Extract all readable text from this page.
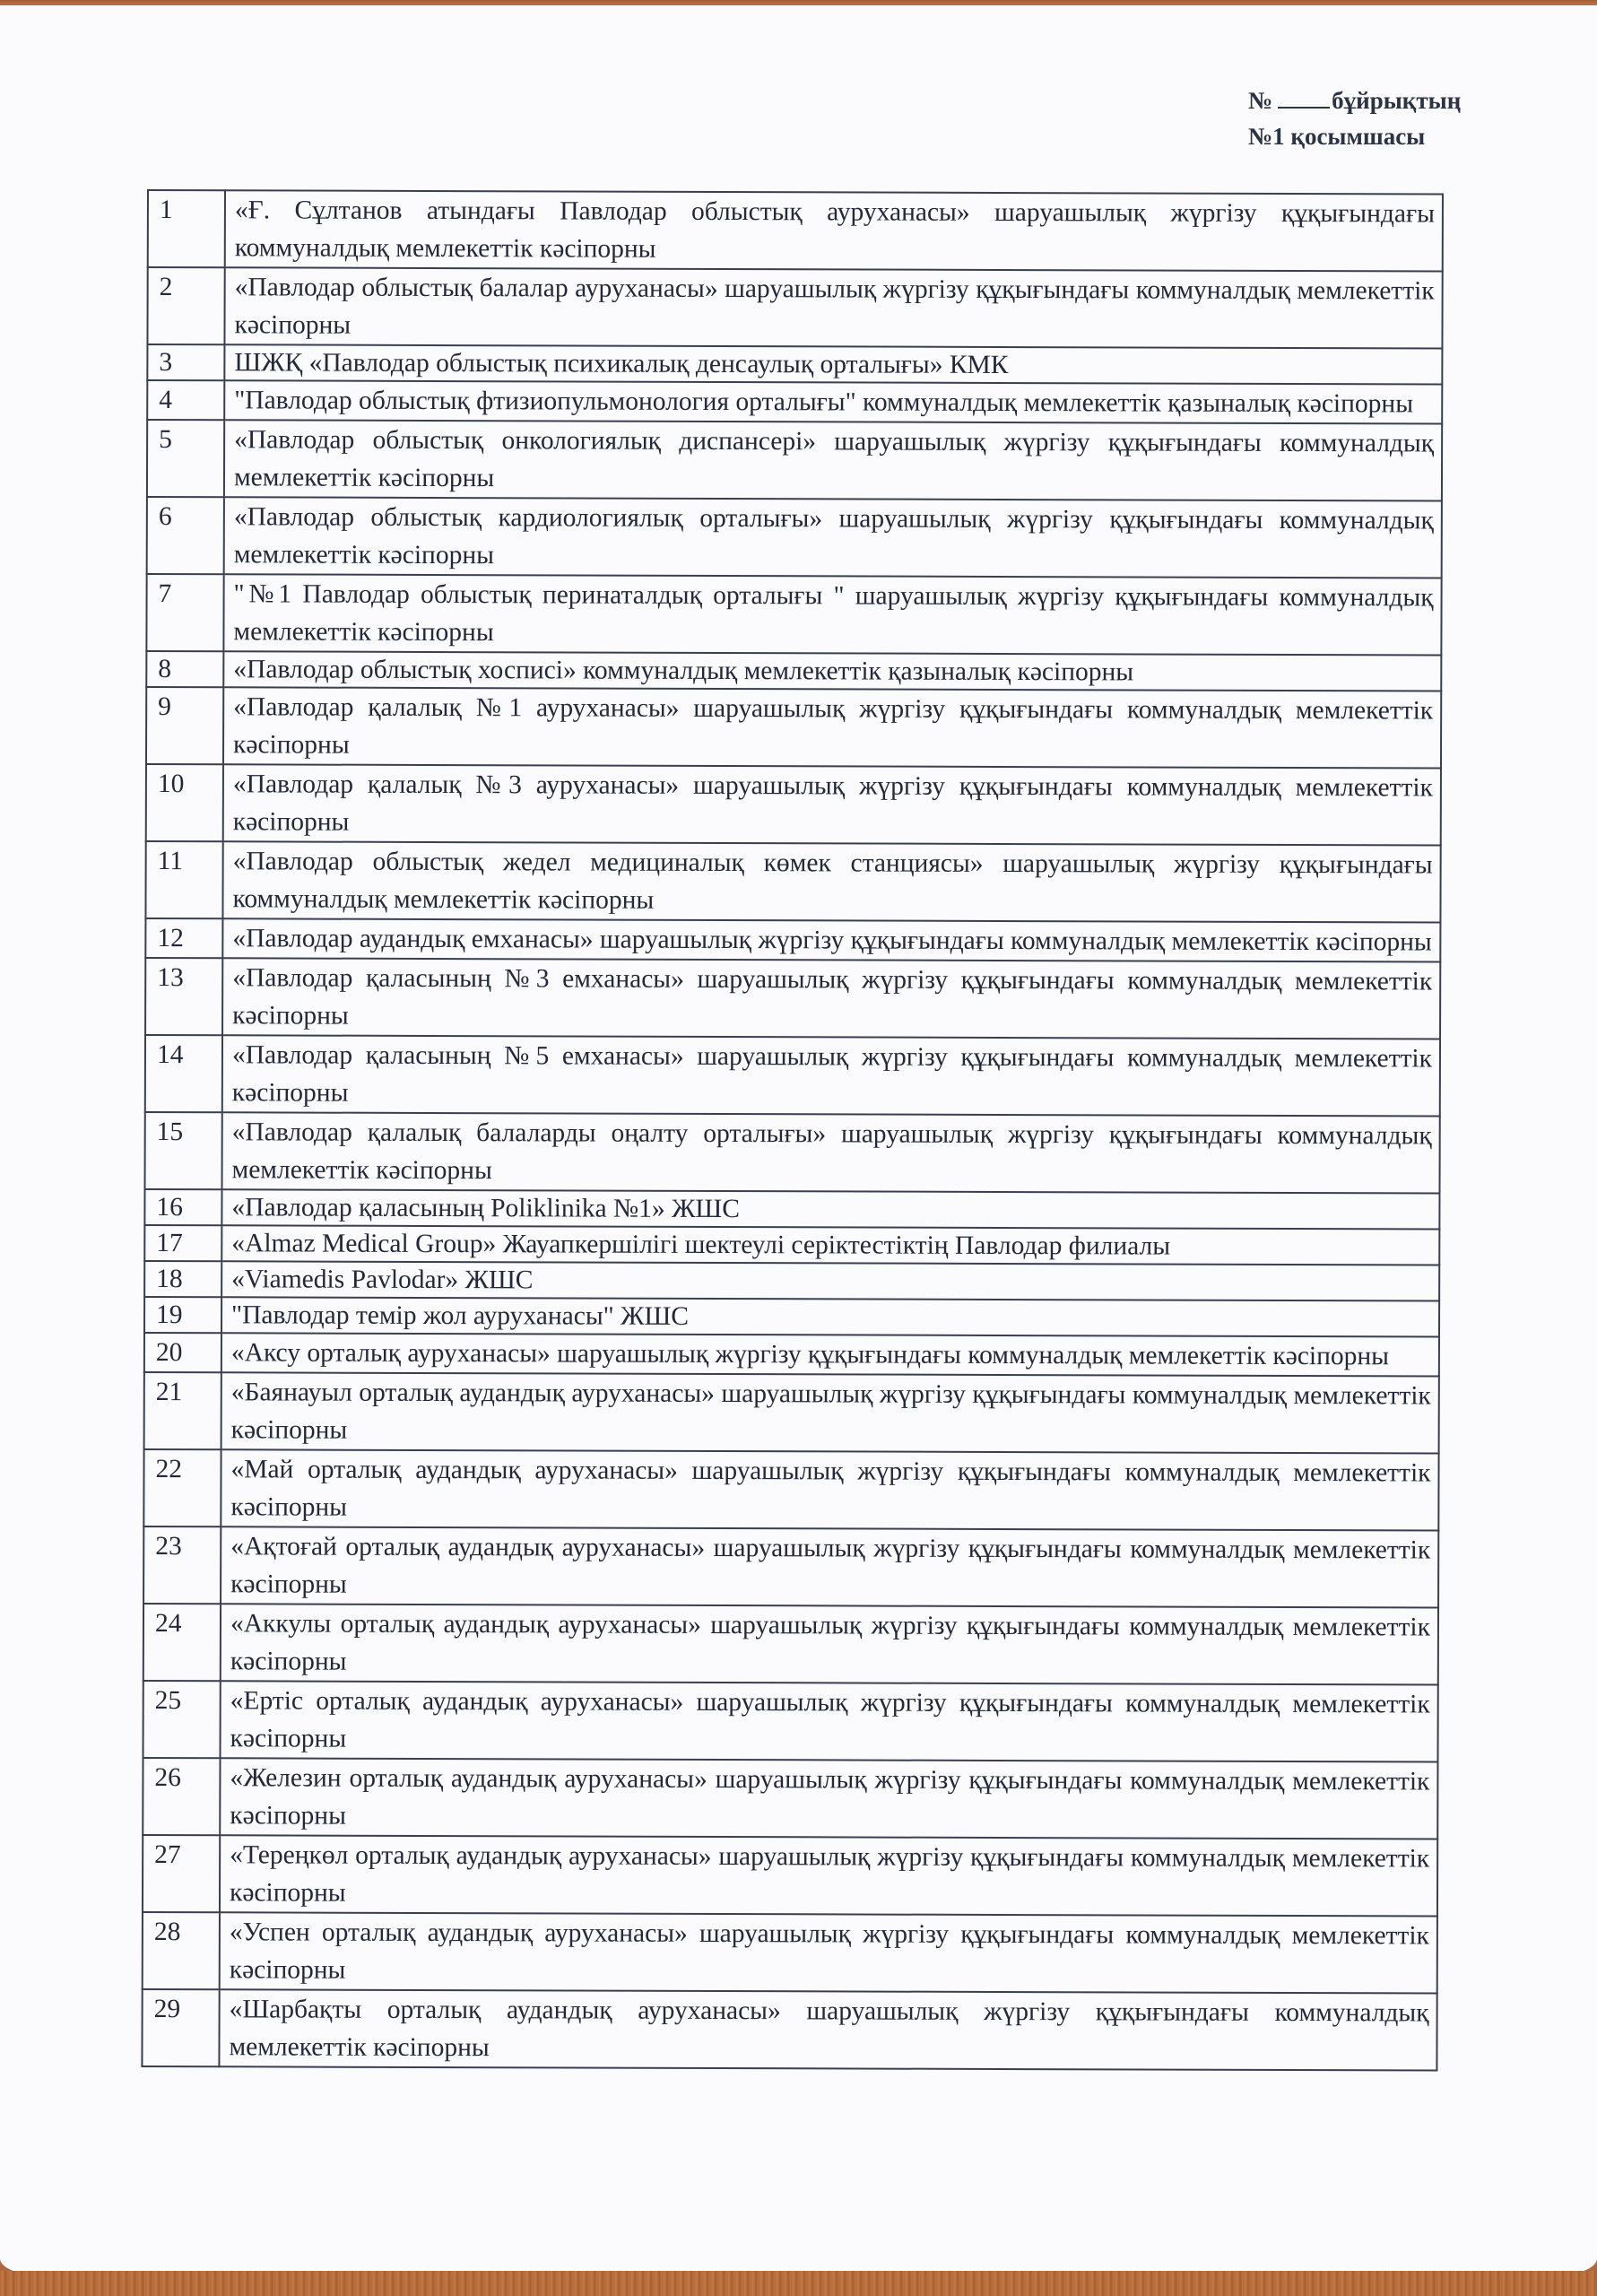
№ бұйрықтың
№1 қосымшасы
1	«Ғ. Сұлтанов атындағы Павлодар облыстық ауруханасы» шаруашылық жүргізу құқығындағы коммуналдық мемлекеттік кәсіпорны
2	«Павлодар облыстық балалар ауруханасы» шаруашылық жүргізу құқығындағы коммуналдық мемлекеттік кәсіпорны
3	ШЖҚ «Павлодар облыстық психикалық денсаулық орталығы» КМК
4	"Павлодар облыстық фтизиопульмонология орталығы" коммуналдық мемлекеттік қазыналық кәсіпорны
5	«Павлодар облыстық онкологиялық диспансері» шаруашылық жүргізу құқығындағы коммуналдық мемлекеттік кәсіпорны
6	«Павлодар облыстық кардиологиялық орталығы» шаруашылық жүргізу құқығындағы коммуналдық мемлекеттік кәсіпорны
7	"№1 Павлодар облыстық перинаталдық орталығы " шаруашылық жүргізу құқығындағы коммуналдық мемлекеттік кәсіпорны
8	«Павлодар облыстық хосписі» коммуналдық мемлекеттік қазыналық кәсіпорны
9	«Павлодар қалалық №1 ауруханасы» шаруашылық жүргізу құқығындағы коммуналдық мемлекеттік кәсіпорны
10	«Павлодар қалалық №3 ауруханасы» шаруашылық жүргізу құқығындағы коммуналдық мемлекеттік кәсіпорны
11	«Павлодар облыстық жедел медициналық көмек станциясы» шаруашылық жүргізу құқығындағы коммуналдық мемлекеттік кәсіпорны
12	«Павлодар аудандық емханасы» шаруашылық жүргізу құқығындағы коммуналдық мемлекеттік кәсіпорны
13	«Павлодар қаласының №3 емханасы» шаруашылық жүргізу құқығындағы коммуналдық мемлекеттік кәсіпорны
14	«Павлодар қаласының №5 емханасы» шаруашылық жүргізу құқығындағы коммуналдық мемлекеттік кәсіпорны
15	«Павлодар қалалық балаларды оңалту орталығы» шаруашылық жүргізу құқығындағы коммуналдық мемлекеттік кәсіпорны
16	«Павлодар қаласының Poliklinika №1» ЖШС
17	«Almaz Medical Group» Жауапкершілігі шектеулі серіктестіктің Павлодар филиалы
18	«Viamedis Pavlodar» ЖШС
19	"Павлодар темір жол ауруханасы" ЖШС
20	«Аксу орталық ауруханасы» шаруашылық жүргізу құқығындағы коммуналдық мемлекеттік кәсіпорны
21	«Баянауыл орталық аудандық ауруханасы» шаруашылық жүргізу құқығындағы коммуналдық мемлекеттік кәсіпорны
22	«Май орталық аудандық ауруханасы» шаруашылық жүргізу құқығындағы коммуналдық мемлекеттік кәсіпорны
23	«Ақтоғай орталық аудандық ауруханасы» шаруашылық жүргізу құқығындағы коммуналдық мемлекеттік кәсіпорны
24	«Аккулы орталық аудандық ауруханасы» шаруашылық жүргізу құқығындағы коммуналдық мемлекеттік кәсіпорны
25	«Ертіс орталық аудандық ауруханасы» шаруашылық жүргізу құқығындағы коммуналдық мемлекеттік кәсіпорны
26	«Железин орталық аудандық ауруханасы» шаруашылық жүргізу құқығындағы коммуналдық мемлекеттік кәсіпорны
27	«Тереңкөл орталық аудандық ауруханасы» шаруашылық жүргізу құқығындағы коммуналдық мемлекеттік кәсіпорны
28	«Успен орталық аудандық ауруханасы» шаруашылық жүргізу құқығындағы коммуналдық мемлекеттік кәсіпорны
29	«Шарбақты орталық аудандық ауруханасы» шаруашылық жүргізу құқығындағы коммуналдық мемлекеттік кәсіпорны
